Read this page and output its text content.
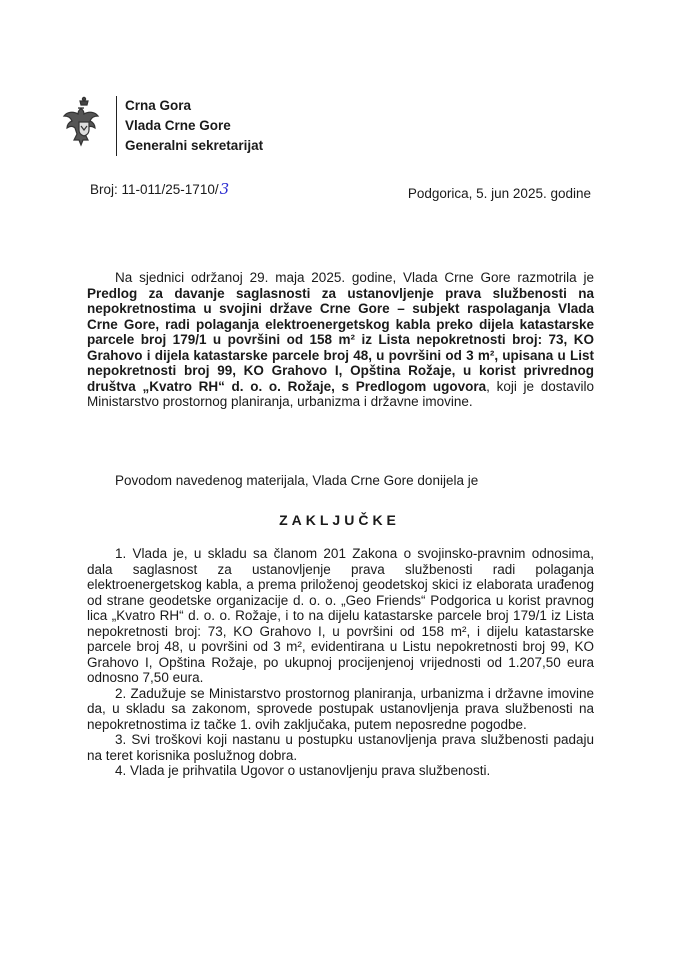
Crna Gora
Vlada Crne Gore
Generalni sekretarijat
Broj: 11-011/25-1710/3	Podgorica, 5. jun 2025. godine

Na sjednici održanoj 29. maja 2025. godine, Vlada Crne Gore razmotrila je Predlog za davanje saglasnosti za ustanovljenje prava službenosti na nepokretnostima u svojini države Crne Gore – subjekt raspolaganja Vlada Crne Gore, radi polaganja elektroenergetskog kabla preko dijela katastarske parcele broj 179/1 u površini od 158 m² iz Lista nepokretnosti broj: 73, KO Grahovo i dijela katastarske parcele broj 48, u površini od 3 m², upisana u List nepokretnosti broj 99, KO Grahovo I, Opština Rožaje, u korist privrednog društva „Kvatro RH“ d. o. o. Rožaje, s Predlogom ugovora, koji je dostavilo Ministarstvo prostornog planiranja, urbanizma i državne imovine.

Povodom navedenog materijala, Vlada Crne Gore donijela je
ZAKLJUČKE

1. Vlada je, u skladu sa članom 201 Zakona o svojinsko-pravnim odnosima, dala saglasnost za ustanovljenje prava službenosti radi polaganja elektroenergetskog kabla, a prema priloženoj geodetskoj skici iz elaborata urađenog od strane geodetske organizacije d. o. o. „Geo Friends“ Podgorica u korist pravnog lica „Kvatro RH“ d. o. o. Rožaje, i to na dijelu katastarske parcele broj 179/1 iz Lista nepokretnosti broj: 73, KO Grahovo I, u površini od 158 m², i dijelu katastarske parcele broj 48, u površini od 3 m², evidentirana u Listu nepokretnosti broj 99, KO Grahovo I, Opština Rožaje, po ukupnoj procijenjenoj vrijednosti od 1.207,50 eura odnosno 7,50 eura.

2. Zadužuje se Ministarstvo prostornog planiranja, urbanizma i državne imovine da, u skladu sa zakonom, sprovede postupak ustanovljenja prava službenosti na nepokretnostima iz tačke 1. ovih zaključaka, putem neposredne pogodbe.

3. Svi troškovi koji nastanu u postupku ustanovljenja prava službenosti padaju na teret korisnika poslužnog dobra.

4. Vlada je prihvatila Ugovor o ustanovljenju prava službenosti.
